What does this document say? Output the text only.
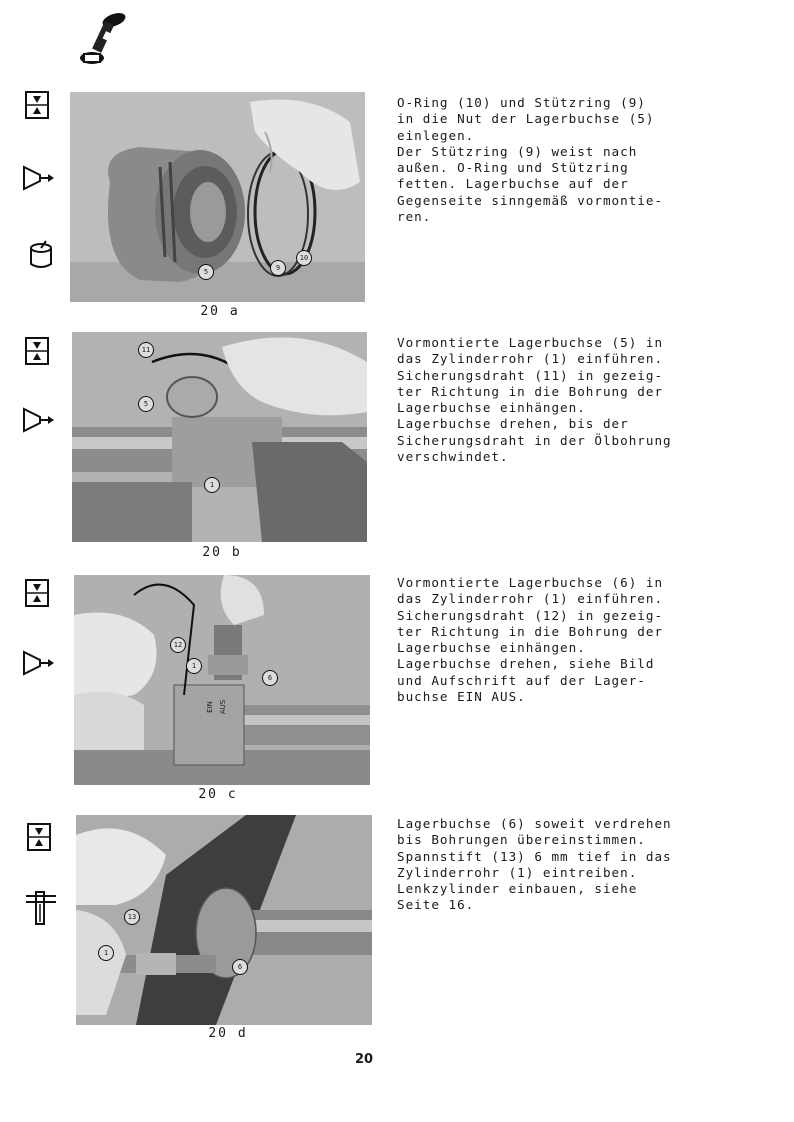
5	9
10
20 a
O-Ring (10) und Stützring (9)
in die Nut der Lagerbuchse (5)
einlegen.
Der Stützring (9) weist nach
außen. O-Ring und Stützring
fetten. Lagerbuchse auf der
Gegenseite sinngemäß vormontie-
ren.
11
5
1
20 b
Vormontierte Lagerbuchse (5) in
das Zylinderrohr (1) einführen.
Sicherungsdraht (11) in gezeig-
ter Richtung in die Bohrung der
Lagerbuchse einhängen.
Lagerbuchse drehen, bis der
Sicherungsdraht in der Ölbohrung
verschwindet.
12
1
6
EIN AUS
20 c
Vormontierte Lagerbuchse (6) in
das Zylinderrohr (1) einführen.
Sicherungsdraht (12) in gezeig-
ter Richtung in die Bohrung der
Lagerbuchse einhängen.
Lagerbuchse drehen, siehe Bild
und Aufschrift auf der Lager-
buchse EIN AUS.
13
1
6
20 d
Lagerbuchse (6) soweit verdrehen
bis Bohrungen übereinstimmen.
Spannstift (13) 6 mm tief in das
Zylinderrohr (1) eintreiben.
Lenkzylinder einbauen, siehe
Seite 16.
20
